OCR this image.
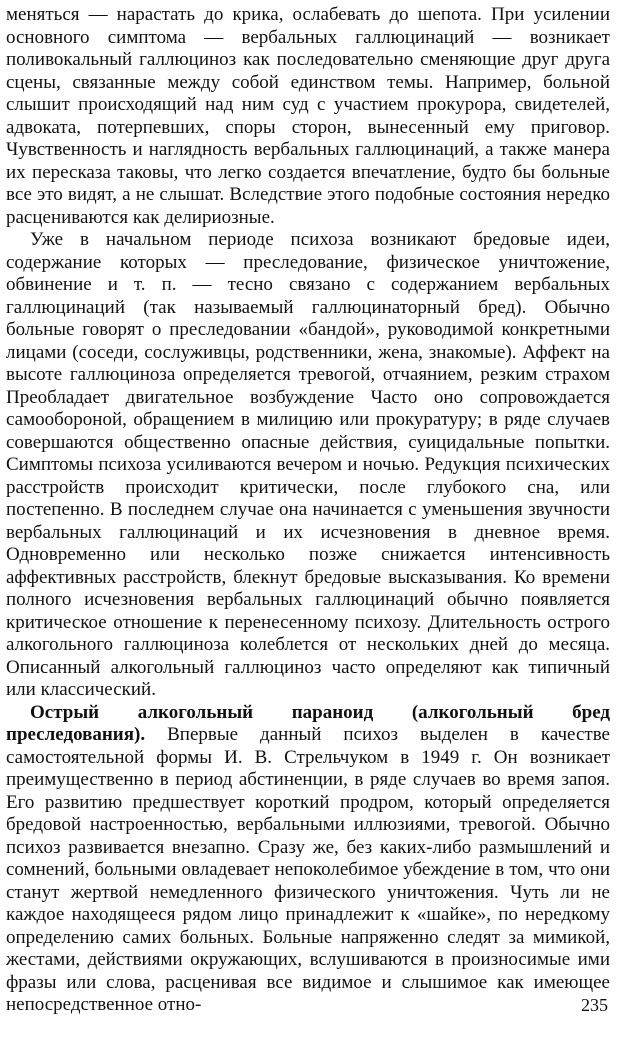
меняться — нарастать до крика, ослабевать до шепота. При усилении основного симптома — вербальных галлюцинаций — возникает поливокальный галлюциноз как последовательно сменяющие друг друга сцены, связанные между собой единством темы. Например, больной слышит происходящий над ним суд с участием прокурора, свидетелей, адвоката, потерпевших, споры сторон, вынесенный ему приговор. Чувственность и наглядность вербальных галлюцинаций, а также манера их пересказа таковы, что легко создается впечатление, будто бы больные все это видят, а не слышат. Вследствие этого подобные состояния нередко расцениваются как делириозные.

Уже в начальном периоде психоза возникают бредовые идеи, содержание которых — преследование, физическое уничтожение, обвинение и т. п. — тесно связано с содержанием вербальных галлюцинаций (так называемый галлюцинаторный бред). Обычно больные говорят о преследовании «бандой», руководимой конкретными лицами (соседи, сослуживцы, родственники, жена, знакомые). Аффект на высоте галлюциноза определяется тревогой, отчаянием, резким страхом Преобладает двигательное возбуждение Часто оно сопровождается самообороной, обращением в милицию или прокуратуру; в ряде случаев совершаются общественно опасные действия, суицидальные попытки. Симптомы психоза усиливаются вечером и ночью. Редукция психических расстройств происходит критически, после глубокого сна, или постепенно. В последнем случае она начинается с уменьшения звучности вербальных галлюцинаций и их исчезновения в дневное время. Одновременно или несколько позже снижается интенсивность аффективных расстройств, блекнут бредовые высказывания. Ко времени полного исчезновения вербальных галлюцинаций обычно появляется критическое отношение к перенесенному психозу. Длительность острого алкогольного галлюциноза колеблется от нескольких дней до месяца. Описанный алкогольный галлюциноз часто определяют как типичный или классический.

Острый алкогольный параноид (алкогольный бред преследования). Впервые данный психоз выделен в качестве самостоятельной формы И. В. Стрельчуком в 1949 г. Он возникает преимущественно в период абстиненции, в ряде случаев во время запоя. Его развитию предшествует короткий продром, который определяется бредовой настроенностью, вербальными иллюзиями, тревогой. Обычно психоз развивается внезапно. Сразу же, без каких-либо размышлений и сомнений, больными овладевает непоколебимое убеждение в том, что они станут жертвой немедленного физического уничтожения. Чуть ли не каждое находящееся рядом лицо принадлежит к «шайке», по нередкому определению самих больных. Больные напряженно следят за мимикой, жестами, действиями окружающих, вслушиваются в произносимые ими фразы или слова, расценивая все видимое и слышимое как имеющее непосредственное отно-	235
